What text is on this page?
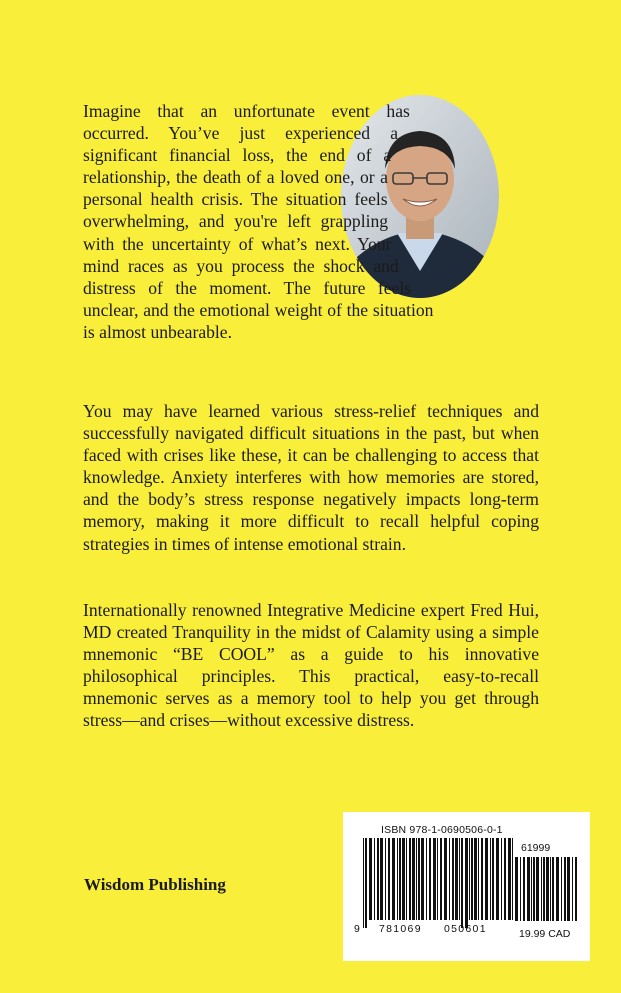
Imagine that an unfortunate event has occurred. You’ve just experienced a significant financial loss, the end of a relationship, the death of a loved one, or a personal health crisis. The situation feels overwhelming, and you're left grappling with the uncertainty of what’s next. Your mind races as you process the shock and distress of the moment. The future feels unclear, and the emotional weight of the situation is almost unbearable.

You may have learned various stress-relief techniques and successfully navigated difficult situations in the past, but when faced with crises like these, it can be challenging to access that knowledge. Anxiety interferes with how memories are stored, and the body’s stress response negatively impacts long-term memory, making it more difficult to recall helpful coping strategies in times of intense emotional strain.

Internationally renowned Integrative Medicine expert Fred Hui, MD created Tranquility in the midst of Calamity using a simple mnemonic “BE COOL” as a guide to his innovative philosophical principles. This practical, easy-to-recall mnemonic serves as a memory tool to help you get through stress—and crises—without excessive distress.

Wisdom Publishing

ISBN 978-1-0690506-0-1
61999
9 781069 050601	19.99 CAD
